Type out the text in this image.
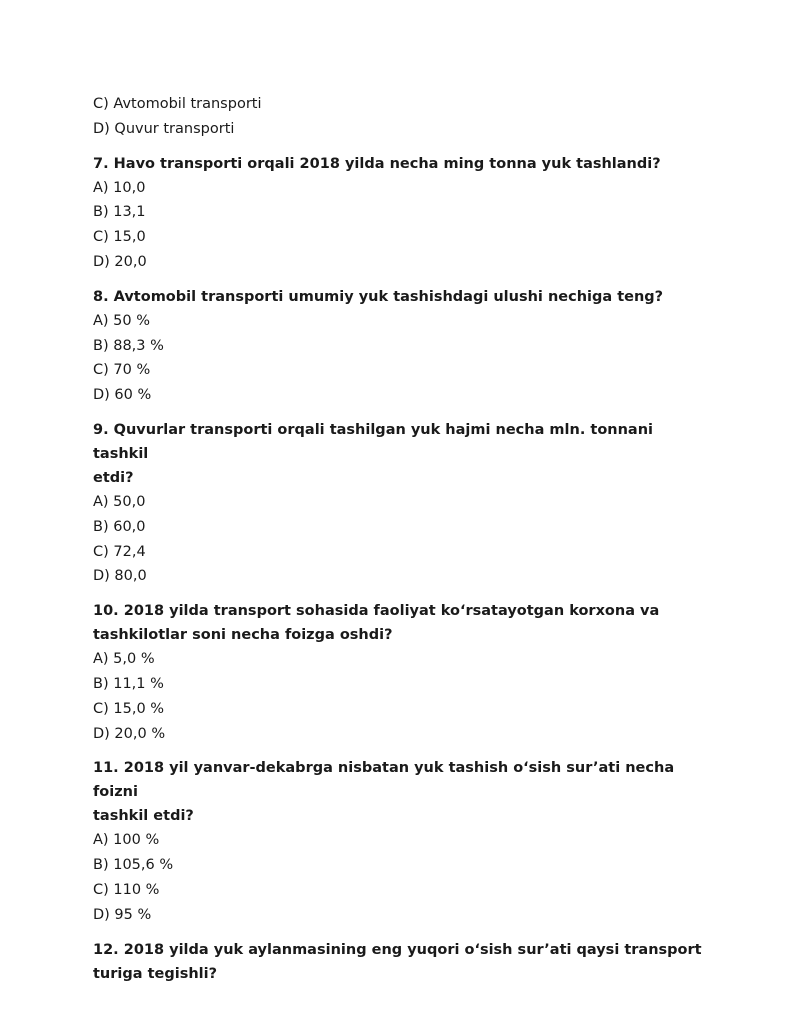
C) Avtomobil transporti

D) Quvur transporti

7. Havo transporti orqali 2018 yilda necha ming tonna yuk tashlandi?

A) 10,0

B) 13,1

C) 15,0

D) 20,0

8. Avtomobil transporti umumiy yuk tashishdagi ulushi nechiga teng?

A) 50 %

B) 88,3 %

C) 70 %

D) 60 %

9. Quvurlar transporti orqali tashilgan yuk hajmi necha mln. tonnani tashkil

etdi?

A) 50,0

B) 60,0

C) 72,4

D) 80,0

10. 2018 yilda transport sohasida faoliyat ko‘rsatayotgan korxona va

tashkilotlar soni necha foizga oshdi?

A) 5,0 %

B) 11,1 %

C) 15,0 %

D) 20,0 %

11. 2018 yil yanvar-dekabrga nisbatan yuk tashish o‘sish sur’ati necha foizni

tashkil etdi?

A) 100 %

B) 105,6 %

C) 110 %

D) 95 %

12. 2018 yilda yuk aylanmasining eng yuqori o‘sish sur’ati qaysi transport

turiga tegishli?
